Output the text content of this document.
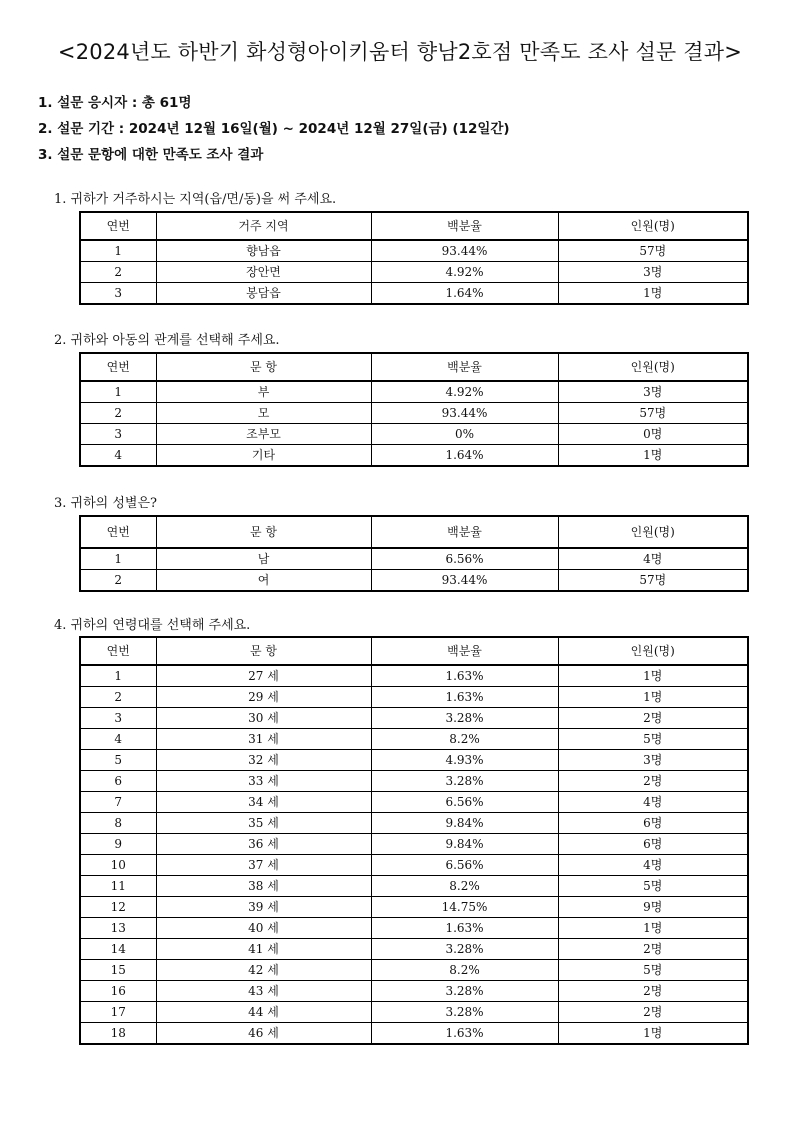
<2024년도 하반기 화성형아이키움터 향남2호점 만족도 조사 설문 결과>
1. 설문 응시자 : 총 61명
2. 설문 기간 : 2024년 12월 16일(월) ~ 2024년 12월 27일(금) (12일간)
3. 설문 문항에 대한 만족도 조사 결과
1. 귀하가 거주하시는 지역(읍/면/동)을 써 주세요.
연번	거주 지역	백분율	인원(명)
1	향남읍	93.44%	57명
2	장안면	4.92%	3명
3	봉담읍	1.64%	1명
2. 귀하와 아동의 관계를 선택해 주세요.
연번	문 항	백분율	인원(명)
1	부	4.92%	3명
2	모	93.44%	57명
3	조부모	0%	0명
4	기타	1.64%	1명
3. 귀하의 성별은?
연번	문 항	백분율	인원(명)
1	남	6.56%	4명
2	여	93.44%	57명
4. 귀하의 연령대를 선택해 주세요.
연번	문 항	백분율	인원(명)
1	27 세	1.63%	1명
2	29 세	1.63%	1명
3	30 세	3.28%	2명
4	31 세	8.2%	5명
5	32 세	4.93%	3명
6	33 세	3.28%	2명
7	34 세	6.56%	4명
8	35 세	9.84%	6명
9	36 세	9.84%	6명
10	37 세	6.56%	4명
11	38 세	8.2%	5명
12	39 세	14.75%	9명
13	40 세	1.63%	1명
14	41 세	3.28%	2명
15	42 세	8.2%	5명
16	43 세	3.28%	2명
17	44 세	3.28%	2명
18	46 세	1.63%	1명
